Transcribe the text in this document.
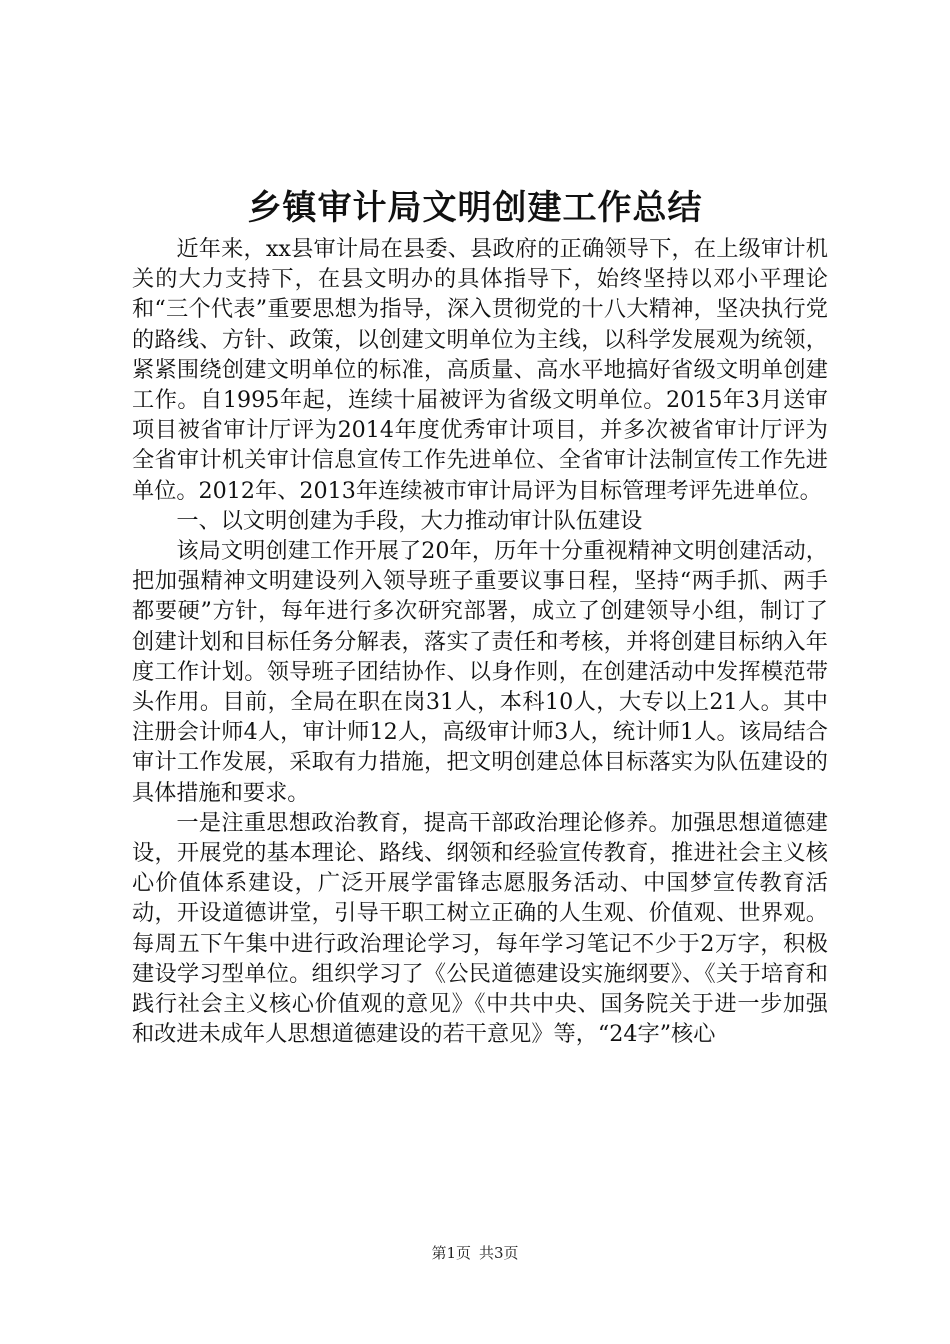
乡镇审计局文明创建工作总结

近年来，xx县审计局在县委、县政府的正确领导下，在上级审计机关的大力支持下，在县文明办的具体指导下，始终坚持以邓小平理论和“三个代表”重要思想为指导，深入贯彻党的十八大精神，坚决执行党的路线、方针、政策，以创建文明单位为主线，以科学发展观为统领，紧紧围绕创建文明单位的标准，高质量、高水平地搞好省级文明单创建工作。自1995年起，连续十届被评为省级文明单位。2015年3月送审项目被省审计厅评为2014年度优秀审计项目，并多次被省审计厅评为全省审计机关审计信息宣传工作先进单位、全省审计法制宣传工作先进单位。2012年、2013年连续被市审计局评为目标管理考评先进单位。

一、以文明创建为手段，大力推动审计队伍建设

该局文明创建工作开展了20年，历年十分重视精神文明创建活动，把加强精神文明建设列入领导班子重要议事日程，坚持“两手抓、两手都要硬”方针，每年进行多次研究部署，成立了创建领导小组，制订了创建计划和目标任务分解表，落实了责任和考核，并将创建目标纳入年度工作计划。领导班子团结协作、以身作则，在创建活动中发挥模范带头作用。目前，全局在职在岗31人，本科10人，大专以上21人。其中注册会计师4人，审计师12人，高级审计师3人，统计师1人。该局结合审计工作发展，采取有力措施，把文明创建总体目标落实为队伍建设的具体措施和要求。

一是注重思想政治教育，提高干部政治理论修养。加强思想道德建设，开展党的基本理论、路线、纲领和经验宣传教育，推进社会主义核心价值体系建设，广泛开展学雷锋志愿服务活动、中国梦宣传教育活动，开设道德讲堂，引导干职工树立正确的人生观、价值观、世界观。每周五下午集中进行政治理论学习，每年学习笔记不少于2万字，积极建设学习型单位。组织学习了《公民道德建设实施纲要》、《关于培育和践行社会主义核心价值观的意见》《中共中央、国务院关于进一步加强和改进未成年人思想道德建设的若干意见》等，“24字”核心

第1页 共3页
